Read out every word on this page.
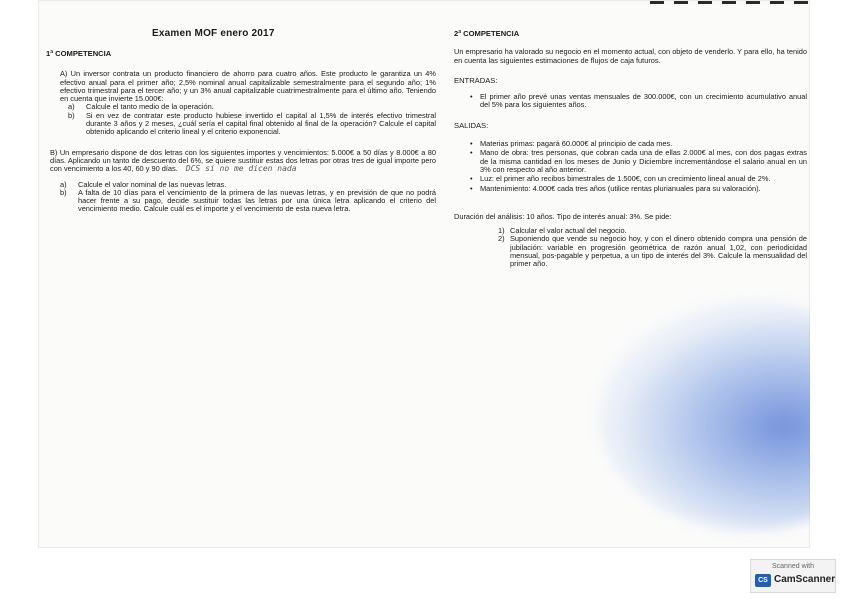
Examen MOF enero 2017
1ª COMPETENCIA

A) Un inversor contrata un producto financiero de ahorro para cuatro años. Este producto le garantiza un 4% efectivo anual para el primer año; 2,5% nominal anual capitalizable semestralmente para el segundo año; 1% efectivo trimestral para el tercer año; y un 3% anual capitalizable cuatrimestralmente para el último año. Teniendo en cuenta que invierte 15.000€:

a)	Calcule el tanto medio de la operación.
b)	Si en vez de contratar este producto hubiese invertido el capital al 1,5% de interés efectivo trimestral durante 3 años y 2 meses, ¿cuál sería el capital final obtenido al final de la operación? Calcule el capital obtenido aplicando el criterio lineal y el criterio exponencial.

B) Un empresario dispone de dos letras con los siguientes importes y vencimientos: 5.000€ a 50 días y 8.000€ a 80 días. Aplicando un tanto de descuento del 6%, se quiere sustituir estas dos letras por otras tres de igual importe pero con vencimiento a los 40, 60 y 90 días. DCS si no me dicen nada

a)	Calcule el valor nominal de las nuevas letras.
b)	A falta de 10 días para el vencimiento de la primera de las nuevas letras, y en previsión de que no podrá hacer frente a su pago, decide sustituir todas las letras por una única letra aplicando el criterio del vencimiento medio. Calcule cuál es el importe y el vencimiento de esta nueva letra.
2ª COMPETENCIA

Un empresario ha valorado su negocio en el momento actual, con objeto de venderlo. Y para ello, ha tenido en cuenta las siguientes estimaciones de flujos de caja futuros.

ENTRADAS:
• El primer año prevé unas ventas mensuales de 300.000€, con un crecimiento acumulativo anual del 5% para los siguientes años.
SALIDAS:
• Materias primas: pagará 60.000€ al principio de cada mes.
• Mano de obra: tres personas, que cobran cada una de ellas 2.000€ al mes, con dos pagas extras de la misma cantidad en los meses de Junio y Diciembre incrementándose el salario anual en un 3% con respecto al año anterior.
• Luz: el primer año recibos bimestrales de 1.500€, con un crecimiento lineal anual de 2%.
• Mantenimiento: 4.000€ cada tres años (utilice rentas plurianuales para su valoración).

Duración del análisis: 10 años. Tipo de interés anual: 3%. Se pide:

1) Calcular el valor actual del negocio.
2) Suponiendo que vende su negocio hoy, y con el dinero obtenido compra una pensión de jubilación: variable en progresión geométrica de razón anual 1,02, con periodicidad mensual, pos-pagable y perpetua, a un tipo de interés del 3%. Calcule la mensualidad del primer año.
Scanned with
CS CamScanner
